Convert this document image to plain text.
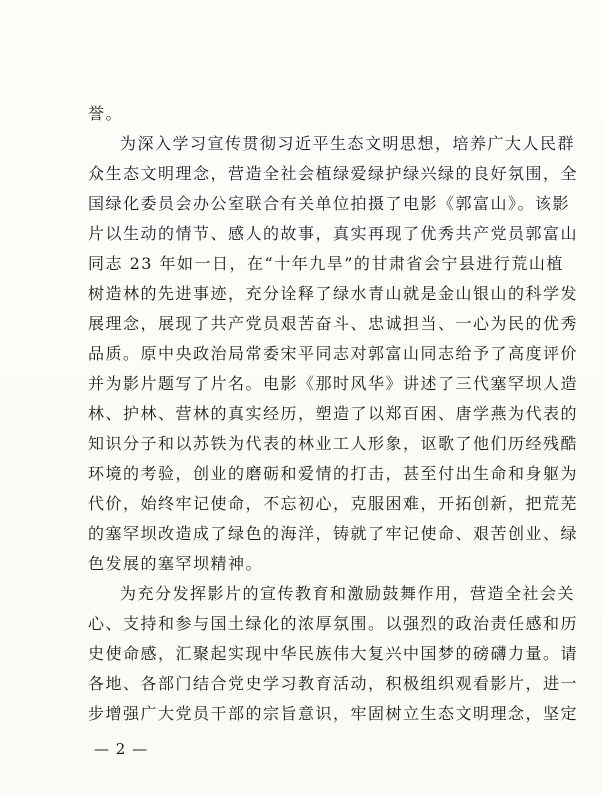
誉。
为深入学习宣传贯彻习近平生态文明思想，培养广大人民群
众生态文明理念，营造全社会植绿爱绿护绿兴绿的良好氛围，全
国绿化委员会办公室联合有关单位拍摄了电影《郭富山》。该影
片以生动的情节、感人的故事，真实再现了优秀共产党员郭富山
同志 23 年如一日，在“十年九旱”的甘肃省会宁县进行荒山植
树造林的先进事迹，充分诠释了绿水青山就是金山银山的科学发
展理念，展现了共产党员艰苦奋斗、忠诚担当、一心为民的优秀
品质。原中央政治局常委宋平同志对郭富山同志给予了高度评价
并为影片题写了片名。电影《那时风华》讲述了三代塞罕坝人造
林、护林、营林的真实经历，塑造了以郑百困、唐学燕为代表的
知识分子和以苏铁为代表的林业工人形象，讴歌了他们历经残酷
环境的考验，创业的磨砺和爱情的打击，甚至付出生命和身躯为
代价，始终牢记使命，不忘初心，克服困难，开拓创新，把荒芜
的塞罕坝改造成了绿色的海洋，铸就了牢记使命、艰苦创业、绿
色发展的塞罕坝精神。
为充分发挥影片的宣传教育和激励鼓舞作用，营造全社会关
心、支持和参与国土绿化的浓厚氛围。以强烈的政治责任感和历
史使命感，汇聚起实现中华民族伟大复兴中国梦的磅礴力量。请
各地、各部门结合党史学习教育活动，积极组织观看影片，进一
步增强广大党员干部的宗旨意识，牢固树立生态文明理念，坚定
— 2 —
